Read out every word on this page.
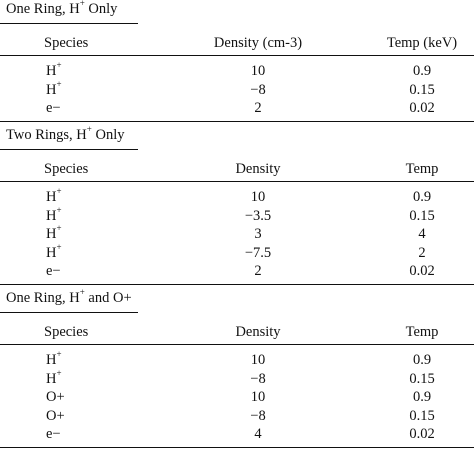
One Ring, H+ Only
Species	Density (cm-3)	Temp (keV)
H+	10	0.9
H+	−8	0.15
e−	2	0.02
Two Rings, H+ Only
Species	Density	Temp
H+	10	0.9
H+	−3.5	0.15
H+	3	4
H+	−7.5	2
e−	2	0.02
One Ring, H+ and O+
Species	Density	Temp
H+	10	0.9
H+	−8	0.15
O+	10	0.9
O+	−8	0.15
e−	4	0.02
